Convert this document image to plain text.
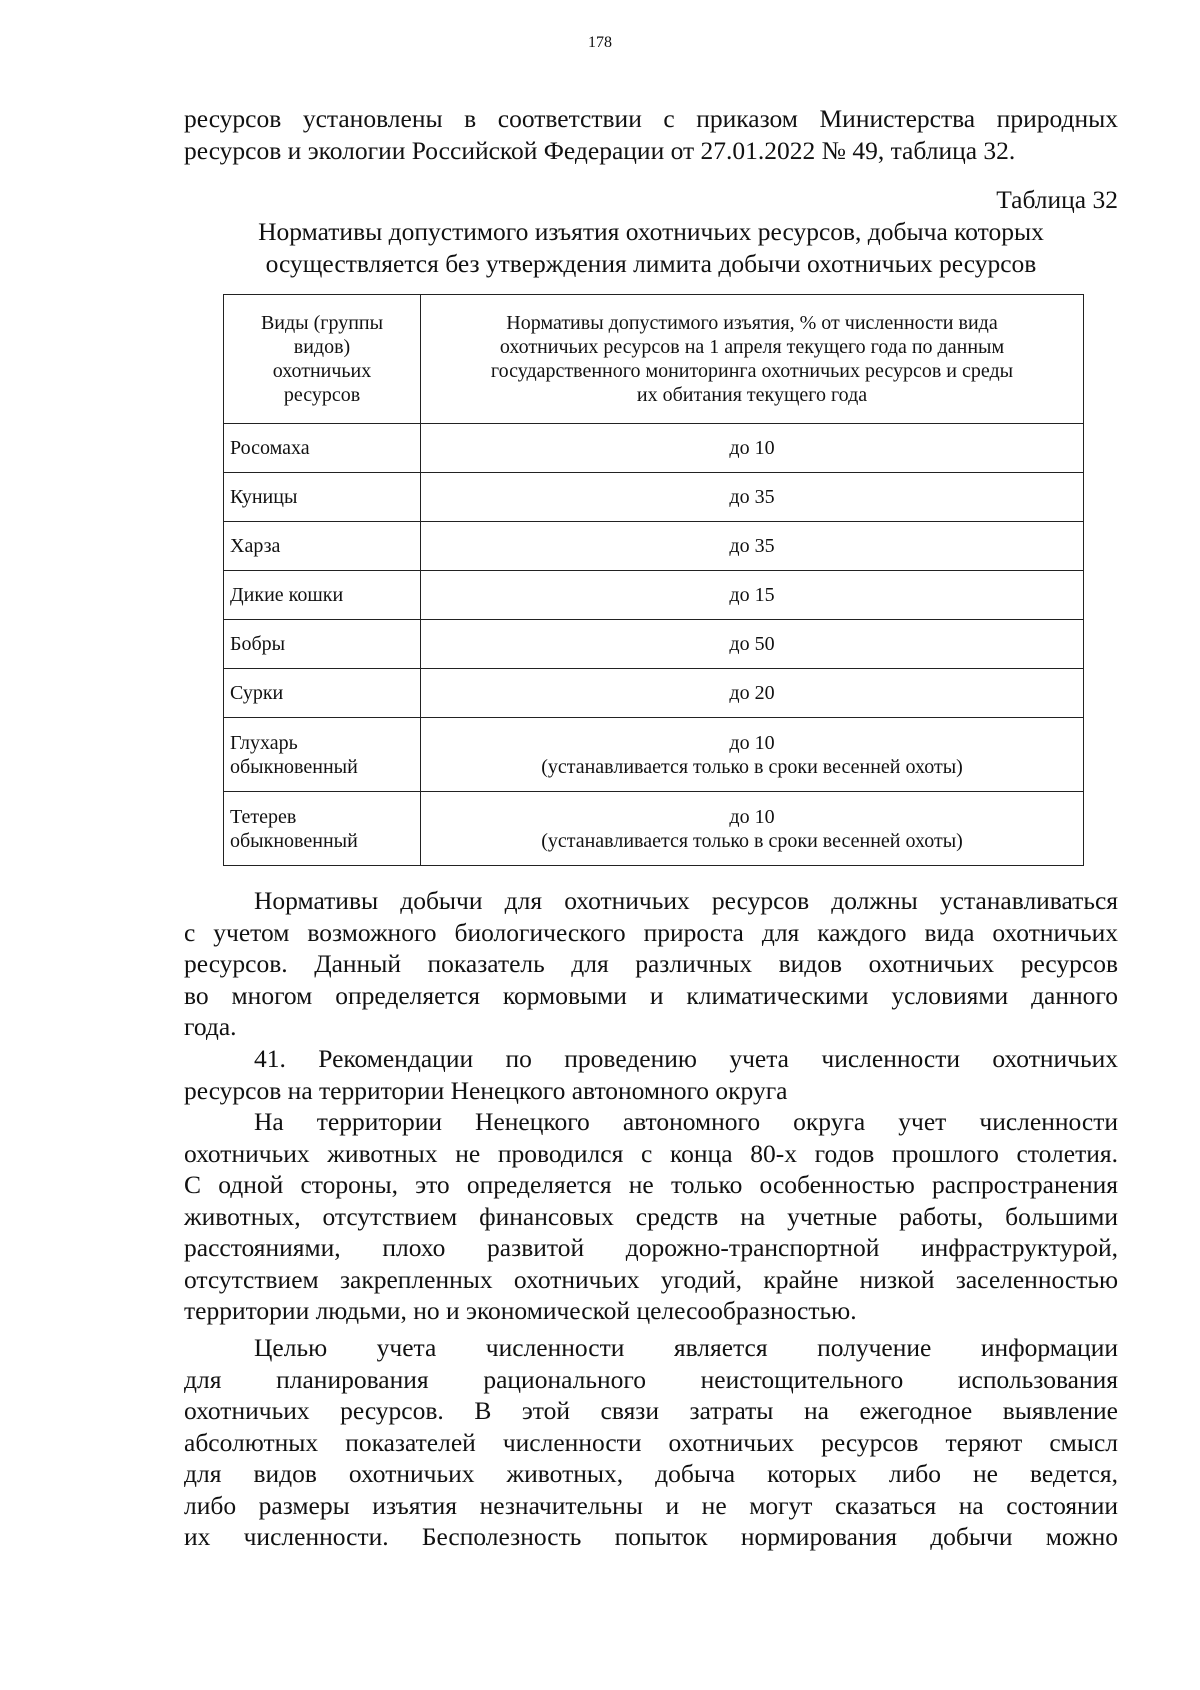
178
ресурсов установлены в соответствии с приказом Министерства природных
ресурсов и экологии Российской Федерации от 27.01.2022 № 49, таблица 32.
Таблица 32
Нормативы допустимого изъятия охотничьих ресурсов, добыча которых
осуществляется без утверждения лимита добычи охотничьих ресурсов
Виды (группы
видов)
охотничьих
ресурсов	Нормативы допустимого изъятия, % от численности вида
охотничьих ресурсов на 1 апреля текущего года по данным
государственного мониторинга охотничьих ресурсов и среды
их обитания текущего года

Росомаха	до 10
Куницы	до 35
Харза	до 35
Дикие кошки	до 15
Бобры	до 50
Сурки	до 20

Глухарь
обыкновенный	до 10
(устанавливается только в сроки весенней охоты)

Тетерев
обыкновенный	до 10
(устанавливается только в сроки весенней охоты)
Нормативы добычи для охотничьих ресурсов должны устанавливаться
с учетом возможного биологического прироста для каждого вида охотничьих
ресурсов. Данный показатель для различных видов охотничьих ресурсов
во многом определяется кормовыми и климатическими условиями данного
года.
41. Рекомендации по проведению учета численности охотничьих
ресурсов на территории Ненецкого автономного округа
На территории Ненецкого автономного округа учет численности
охотничьих животных не проводился с конца 80-х годов прошлого столетия.
С одной стороны, это определяется не только особенностью распространения
животных, отсутствием финансовых средств на учетные работы, большими
расстояниями, плохо развитой дорожно-транспортной инфраструктурой,
отсутствием закрепленных охотничьих угодий, крайне низкой заселенностью
территории людьми, но и экономической целесообразностью.
Целью учета численности является получение информации
для планирования рационального неистощительного использования
охотничьих ресурсов. В этой связи затраты на ежегодное выявление
абсолютных показателей численности охотничьих ресурсов теряют смысл
для видов охотничьих животных, добыча которых либо не ведется,
либо размеры изъятия незначительны и не могут сказаться на состоянии
их численности. Бесполезность попыток нормирования добычи можно
